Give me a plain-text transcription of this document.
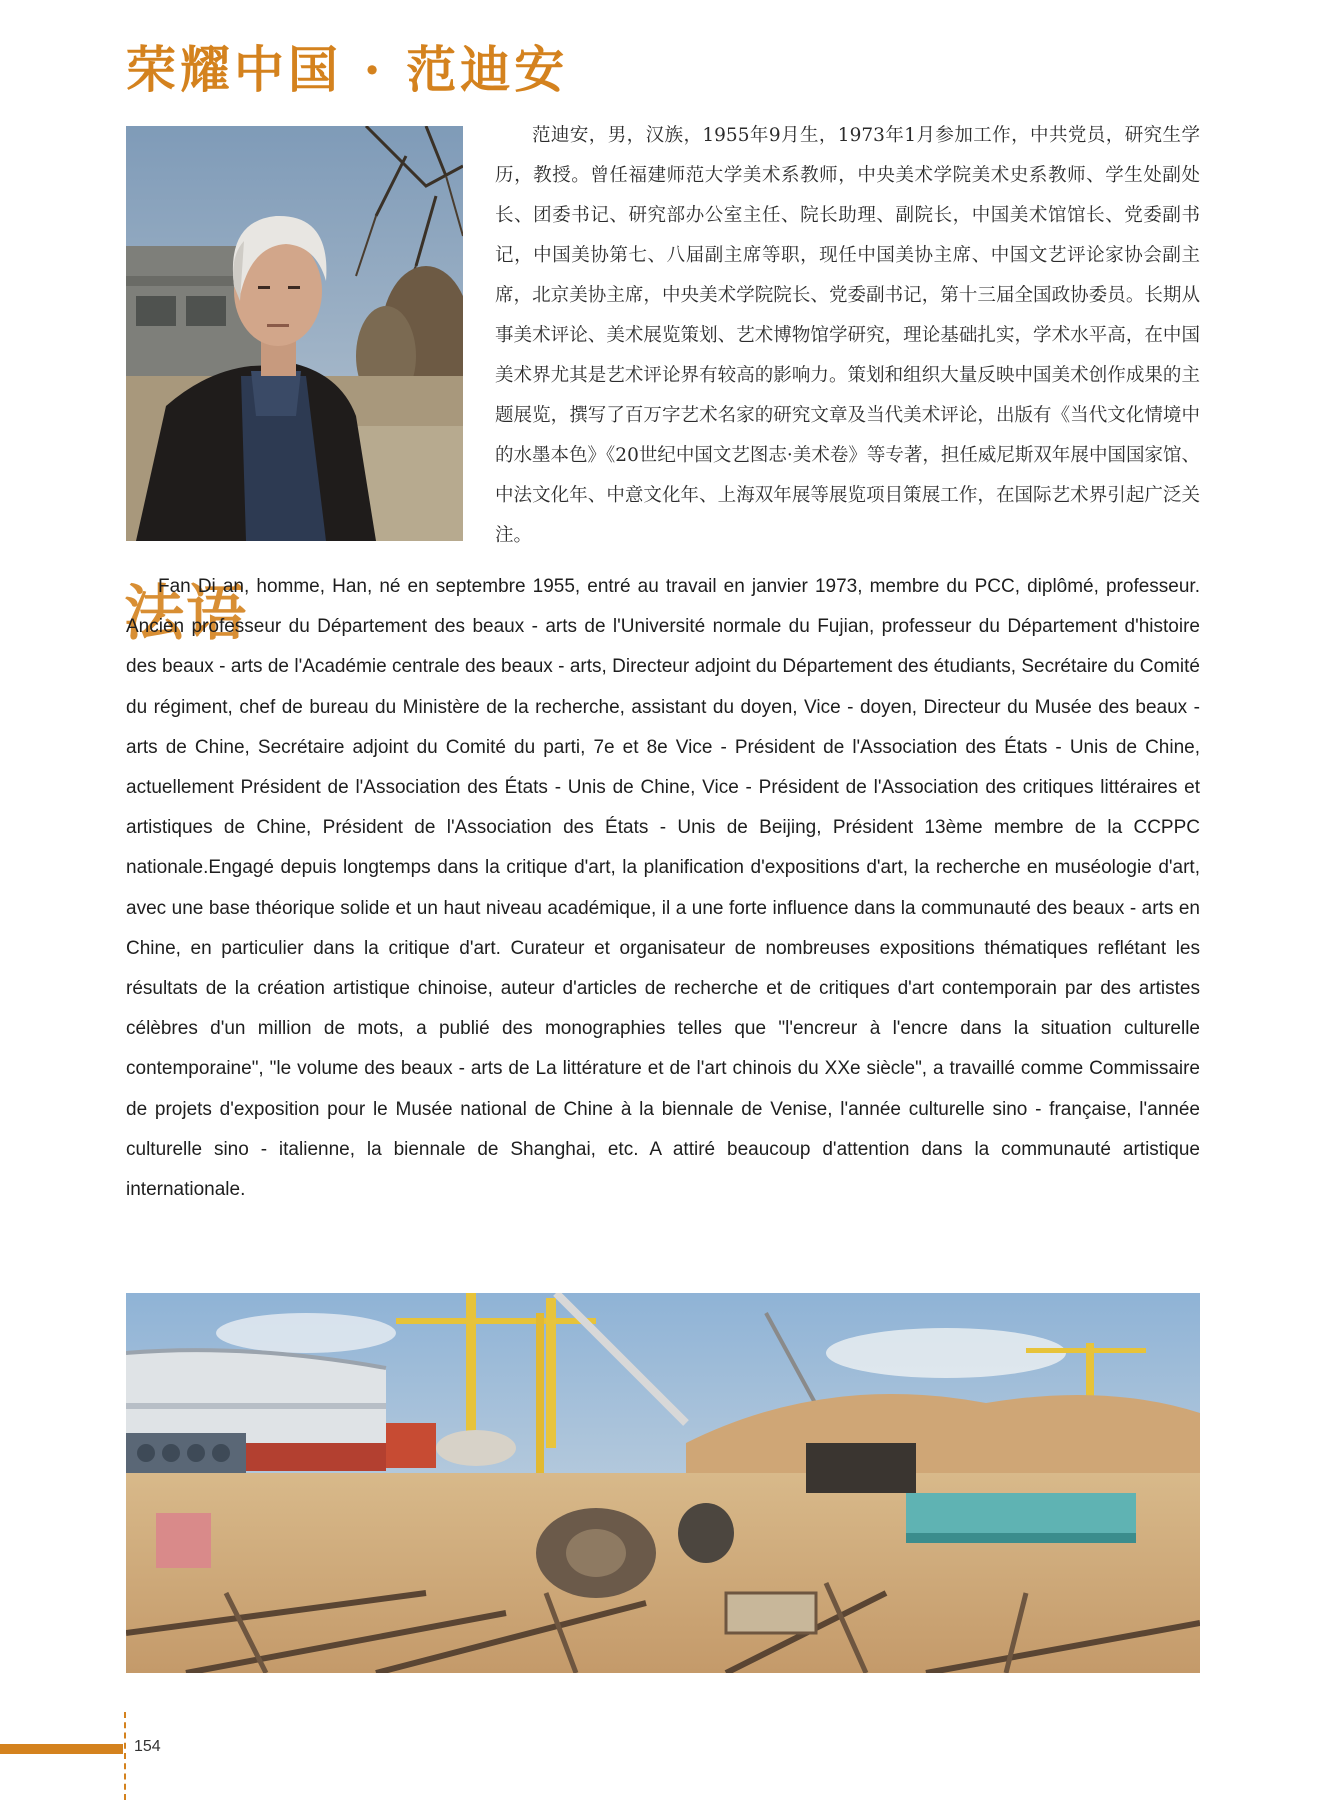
荣耀中国 · 范迪安

范迪安，男，汉族，1955年9月生，1973年1月参加工作，中共党员，研究生学历，教授。曾任福建师范大学美术系教师，中央美术学院美术史系教师、学生处副处长、团委书记、研究部办公室主任、院长助理、副院长，中国美术馆馆长、党委副书记，中国美协第七、八届副主席等职，现任中国美协主席、中国文艺评论家协会副主席，北京美协主席，中央美术学院院长、党委副书记，第十三届全国政协委员。长期从事美术评论、美术展览策划、艺术博物馆学研究，理论基础扎实，学术水平高，在中国美术界尤其是艺术评论界有较高的影响力。策划和组织大量反映中国美术创作成果的主题展览，撰写了百万字艺术名家的研究文章及当代美术评论，出版有《当代文化情境中的水墨本色》《20世纪中国文艺图志·美术卷》等专著，担任威尼斯双年展中国国家馆、中法文化年、中意文化年、上海双年展等展览项目策展工作，在国际艺术界引起广泛关注。

法语

Fan Di an, homme, Han, né en septembre 1955, entré au travail en janvier 1973, membre du PCC, diplômé, professeur. Ancien professeur du Département des beaux - arts de l'Université normale du Fujian, professeur du Département d'histoire des beaux - arts de l'Académie centrale des beaux - arts, Directeur adjoint du Département des étudiants, Secrétaire du Comité du régiment, chef de bureau du Ministère de la recherche, assistant du doyen, Vice - doyen, Directeur du Musée des beaux - arts de Chine, Secrétaire adjoint du Comité du parti, 7e et 8e Vice - Président de l'Association des États - Unis de Chine, actuellement Président de l'Association des États - Unis de Chine, Vice - Président de l'Association des critiques littéraires et artistiques de Chine, Président de l'Association des États - Unis de Beijing, Président 13ème membre de la CCPPC nationale.Engagé depuis longtemps dans la critique d'art, la planification d'expositions d'art, la recherche en muséologie d'art, avec une base théorique solide et un haut niveau académique, il a une forte influence dans la communauté des beaux - arts en Chine, en particulier dans la critique d'art. Curateur et organisateur de nombreuses expositions thématiques reflétant les résultats de la création artistique chinoise, auteur d'articles de recherche et de critiques d'art contemporain par des artistes célèbres d'un million de mots, a publié des monographies telles que "l'encreur à l'encre dans la situation culturelle contemporaine", "le volume des beaux - arts de La littérature et de l'art chinois du XXe siècle", a travaillé comme Commissaire de projets d'exposition pour le Musée national de Chine à la biennale de Venise, l'année culturelle sino - française, l'année culturelle sino - italienne, la biennale de Shanghai, etc. A attiré beaucoup d'attention dans la communauté artistique internationale.

154
